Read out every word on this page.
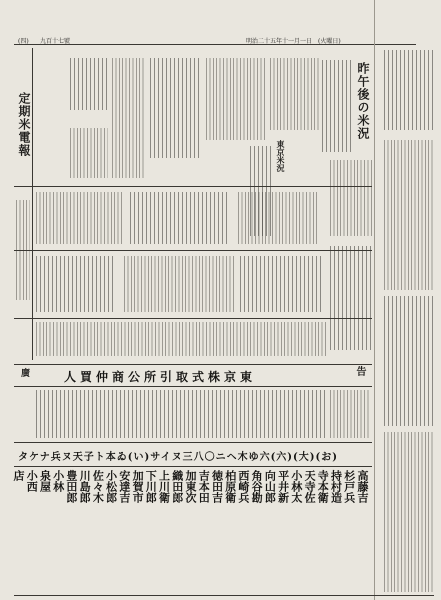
(四) 九百十七號	明治二十五年十一月一日　(火曜日)
昨午後の米況
東京米況
定期米電報
人買仲商公所引取式株京東	告
廣
タケナ兵ヌ天子ト本ゐ(い)サイヌ三八〇ニヘ木ゆ六(六)(大)(お)
高藤吉
杉戸兵
持村造
寺本衛
天寺佐
小林太
平井新
向山郎
角谷勘
西崎兵
柏原衛
徳田吉
吉本田
加東次
織田郎
上川衛
下川郎
加賀市
安達吉
小松郎
佐々木
川島郎
豊田郎
小林
泉屋
小西
店
